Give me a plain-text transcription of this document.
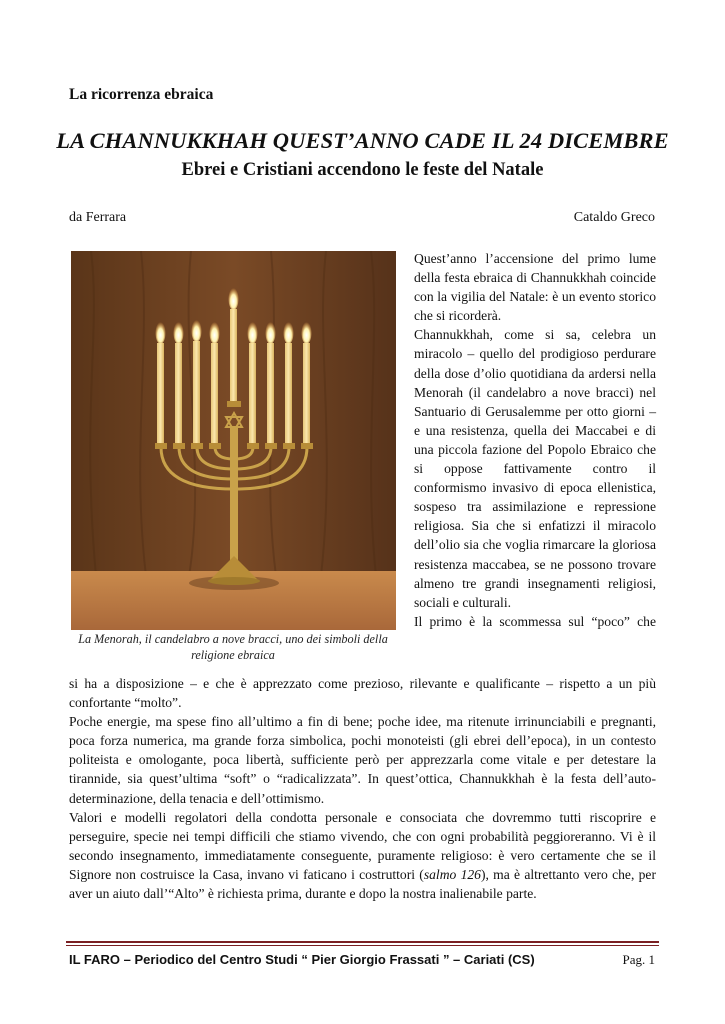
La ricorrenza ebraica
LA CHANNUKKHAH QUEST’ANNO CADE IL 24 DICEMBRE
Ebrei e Cristiani accendono le feste del Natale
da Ferrara	Cataldo Greco
La Menorah, il candelabro a nove bracci, uno dei simboli della religione ebraica

Quest’anno l’accensione del primo lume della festa ebraica di Channukkhah coincide con la vigilia del Natale: è un evento storico che si ricorderà.

Channukkhah, come si sa, celebra un miracolo – quello del prodigioso perdurare della dose d’olio quotidiana da ardersi nella Menorah (il candelabro a nove bracci) nel Santuario di Gerusalemme per otto giorni – e una resistenza, quella dei Maccabei e di una piccola fazione del Popolo Ebraico che si oppose fattivamente contro il conformismo invasivo di epoca ellenistica, sospeso tra assimilazione e repressione religiosa. Sia che si enfatizzi il miracolo dell’olio sia che voglia rimarcare la gloriosa resistenza maccabea, se ne possono trovare almeno tre grandi insegnamenti religiosi, sociali e culturali.

Il primo è la scommessa sul “poco” che

si ha a disposizione – e che è apprezzato come prezioso, rilevante e qualificante – rispetto a un più confortante “molto”.

Poche energie, ma spese fino all’ultimo a fin di bene; poche idee, ma ritenute irrinunciabili e pregnanti, poca forza numerica, ma grande forza simbolica, pochi monoteisti (gli ebrei dell’epoca), in un contesto politeista e omologante, poca libertà, sufficiente però per apprezzarla come vitale e per detestare la tirannide, sia quest’ultima “soft” o “radicalizzata”. In quest’ottica, Channukkhah è la festa dell’auto-determinazione, della tenacia e dell’ottimismo.

Valori e modelli regolatori della condotta personale e consociata che dovremmo tutti riscoprire e perseguire, specie nei tempi difficili che stiamo vivendo, che con ogni probabilità peggioreranno. Vi è il secondo insegnamento, immediatamente conseguente, puramente religioso: è vero certamente che se il Signore non costruisce la Casa, invano vi faticano i costruttori (salmo 126), ma è altrettanto vero che, per aver un aiuto dall’“Alto” è richiesta prima, durante e dopo la nostra inalienabile parte.

IL FARO – Periodico del Centro Studi “ Pier Giorgio Frassati ” – Cariati (CS)	Pag. 1
